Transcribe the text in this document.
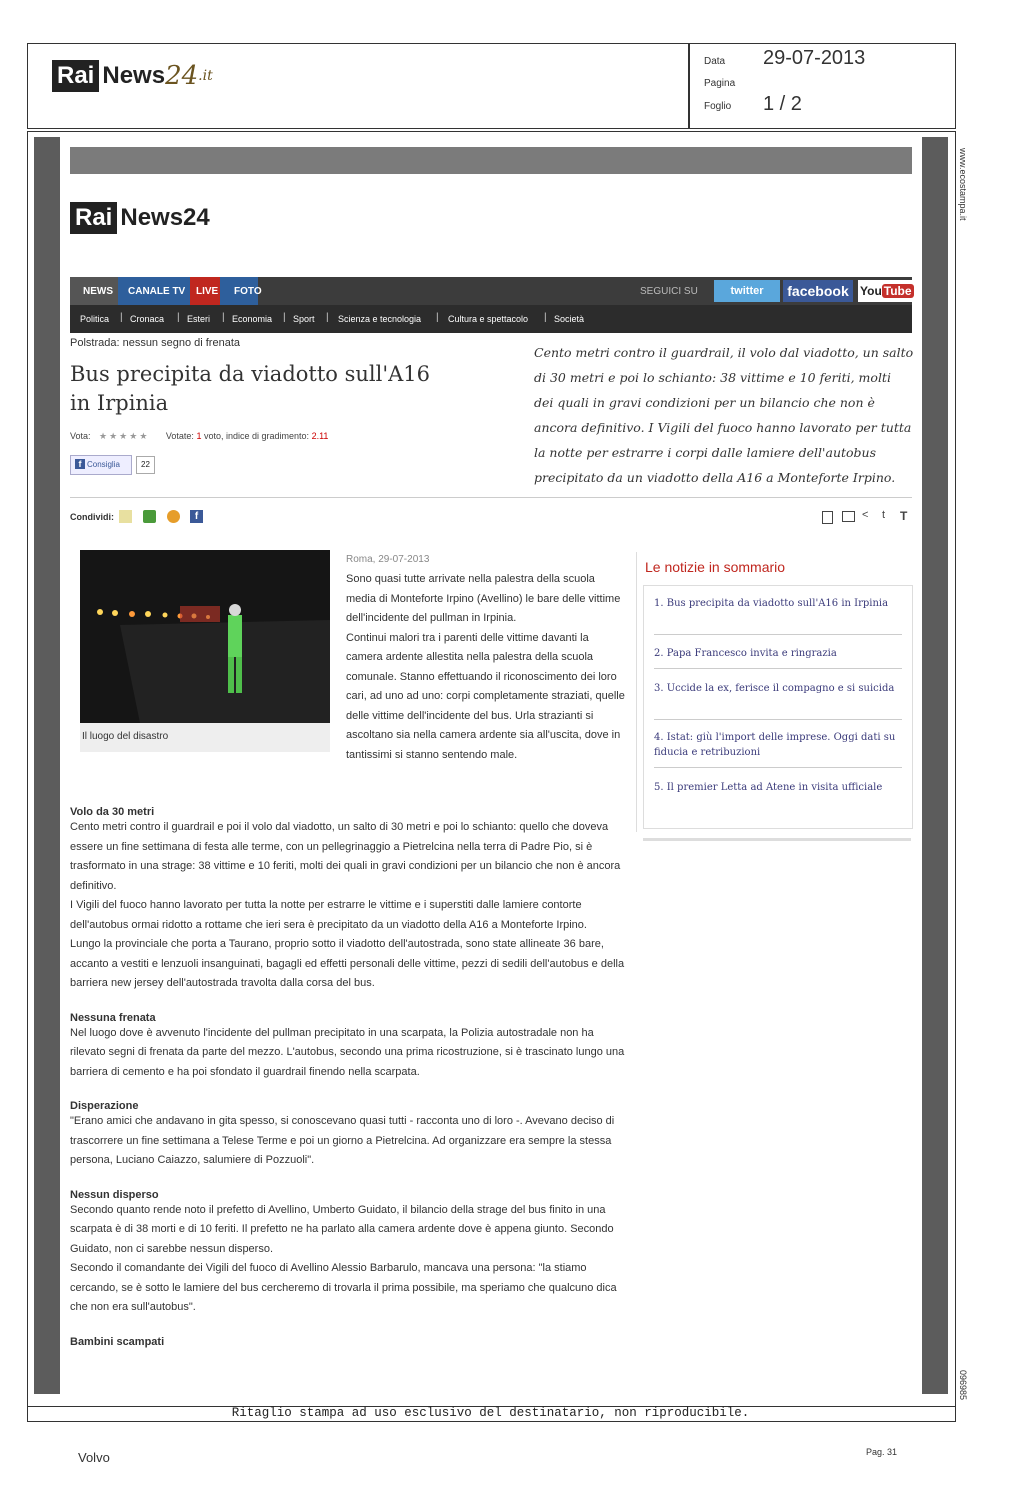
Rai News 24 .it
Data 29-07-2013
Pagina
Foglio 1 / 2
www.ecostampa.it
096985
Rai News24
NEWS CANALE TV LIVE FOTO	SEGUICI SU	twitter	facebook You Tube
Politica | Cronaca | Esteri | Economia | Sport | Scienza e tecnologia | Cultura e spettacolo | Società
Polstrada: nessun segno di frenata
Bus precipita da viadotto sull'A16 in Irpinia
Vota: ★★★★★ Votate: 1 voto, indice di gradimento: 2.11
f Consiglia	22
Cento metri contro il guardrail, il volo dal viadotto, un salto di 30 metri e poi lo schianto: 38 vittime e 10 feriti, molti dei quali in gravi condizioni per un bilancio che non è ancora definitivo. I Vigili del fuoco hanno lavorato per tutta la notte per estrarre i corpi dalle lamiere dell'autobus precipitato da un viadotto della A16 a Monteforte Irpino.
Condividi:	f	< t T
Il luogo del disastro
Roma, 29-07-2013

Sono quasi tutte arrivate nella palestra della scuola media di Monteforte Irpino (Avellino) le bare delle vittime dell'incidente del pullman in Irpinia.

Continui malori tra i parenti delle vittime davanti la camera ardente allestita nella palestra della scuola comunale. Stanno effettuando il riconoscimento dei loro cari, ad uno ad uno: corpi completamente straziati, quelle delle vittime dell'incidente del bus. Urla strazianti si ascoltano sia nella camera ardente sia all'uscita, dove in tantissimi si stanno sentendo male.

Le notizie in sommario
1. Bus precipita da viadotto sull'A16 in Irpinia
2. Papa Francesco invita e ringrazia
3. Uccide la ex, ferisce il compagno e si suicida
4. Istat: giù l'import delle imprese. Oggi dati su fiducia e retribuzioni
5. Il premier Letta ad Atene in visita ufficiale
Volo da 30 metri

Cento metri contro il guardrail e poi il volo dal viadotto, un salto di 30 metri e poi lo schianto: quello che doveva essere un fine settimana di festa alle terme, con un pellegrinaggio a Pietrelcina nella terra di Padre Pio, si è trasformato in una strage: 38 vittime e 10 feriti, molti dei quali in gravi condizioni per un bilancio che non è ancora definitivo.

I Vigili del fuoco hanno lavorato per tutta la notte per estrarre le vittime e i superstiti dalle lamiere contorte dell'autobus ormai ridotto a rottame che ieri sera è precipitato da un viadotto della A16 a Monteforte Irpino.

Lungo la provinciale che porta a Taurano, proprio sotto il viadotto dell'autostrada, sono state allineate 36 bare, accanto a vestiti e lenzuoli insanguinati, bagagli ed effetti personali delle vittime, pezzi di sedili dell'autobus e della barriera new jersey dell'autostrada travolta dalla corsa del bus.

Nessuna frenata

Nel luogo dove è avvenuto l'incidente del pullman precipitato in una scarpata, la Polizia autostradale non ha rilevato segni di frenata da parte del mezzo. L'autobus, secondo una prima ricostruzione, si è trascinato lungo una barriera di cemento e ha poi sfondato il guardrail finendo nella scarpata.

Disperazione

"Erano amici che andavano in gita spesso, si conoscevano quasi tutti - racconta uno di loro -. Avevano deciso di trascorrere un fine settimana a Telese Terme e poi un giorno a Pietrelcina. Ad organizzare era sempre la stessa persona, Luciano Caiazzo, salumiere di Pozzuoli".

Nessun disperso

Secondo quanto rende noto il prefetto di Avellino, Umberto Guidato, il bilancio della strage del bus finito in una scarpata è di 38 morti e di 10 feriti. Il prefetto ne ha parlato alla camera ardente dove è appena giunto. Secondo Guidato, non ci sarebbe nessun disperso.

Secondo il comandante dei Vigili del fuoco di Avellino Alessio Barbarulo, mancava una persona: "la stiamo cercando, se è sotto le lamiere del bus cercheremo di trovarla il prima possibile, ma speriamo che qualcuno dica che non era sull'autobus".

Bambini scampati
Ritaglio stampa ad uso esclusivo del destinatario, non riproducibile.
Volvo	Pag. 31
